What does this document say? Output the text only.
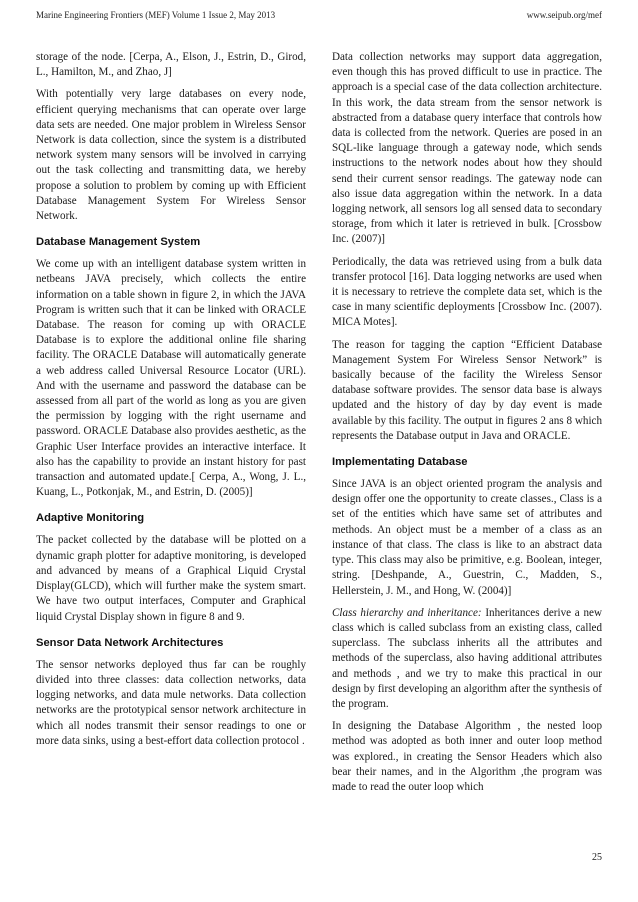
Marine Engineering Frontiers (MEF) Volume 1 Issue 2, May 2013	www.seipub.org/mef

storage of the node. [Cerpa, A., Elson, J., Estrin, D., Girod, L., Hamilton, M., and Zhao, J]

With potentially very large databases on every node, efficient querying mechanisms that can operate over large data sets are needed. One major problem in Wireless Sensor Network is data collection, since the system is a distributed network system many sensors will be involved in carrying out the task collecting and transmitting data, we hereby propose a solution to problem by coming up with Efficient Database Management System For Wireless Sensor Network.

Database Management System

We come up with an intelligent database system written in netbeans JAVA precisely, which collects the entire information on a table shown in figure 2, in which the JAVA Program is written such that it can be linked with ORACLE Database. The reason for coming up with ORACLE Database is to explore the additional online file sharing facility. The ORACLE Database will automatically generate a web address called Universal Resource Locator (URL). And with the username and password the database can be assessed from all part of the world as long as you are given the permission by logging with the right username and password. ORACLE Database also provides aesthetic, as the Graphic User Interface provides an interactive interface. It also has the capability to provide an instant history for past transaction and automated update.[ Cerpa, A., Wong, J. L., Kuang, L., Potkonjak, M., and Estrin, D. (2005)]

Adaptive Monitoring

The packet collected by the database will be plotted on a dynamic graph plotter for adaptive monitoring, is developed and advanced by means of a Graphical Liquid Crystal Display(GLCD), which will further make the system smart. We have two output interfaces, Computer and Graphical liquid Crystal Display shown in figure 8 and 9.

Sensor Data Network Architectures

The sensor networks deployed thus far can be roughly divided into three classes: data collection networks, data logging networks, and data mule networks. Data collection networks are the prototypical sensor network architecture in which all nodes transmit their sensor readings to one or more data sinks, using a best-effort data collection protocol .

Data collection networks may support data aggregation, even though this has proved difficult to use in practice. The approach is a special case of the data collection architecture. In this work, the data stream from the sensor network is abstracted from a database query interface that controls how data is collected from the network. Queries are posed in an SQL-like language through a gateway node, which sends instructions to the network nodes about how they should send their current sensor readings. The gateway node can also issue data aggregation within the network. In a data logging network, all sensors log all sensed data to secondary storage, from which it later is retrieved in bulk. [Crossbow Inc. (2007)]

Periodically, the data was retrieved using from a bulk data transfer protocol [16]. Data logging networks are used when it is necessary to retrieve the complete data set, which is the case in many scientific deployments [Crossbow Inc. (2007). MICA Motes].

The reason for tagging the caption “Efficient Database Management System For Wireless Sensor Network” is basically because of the facility the Wireless Sensor database software provides. The sensor data base is always updated and the history of day by day event is made available by this facility. The output in figures 2 ans 8 which represents the Database output in Java and ORACLE.

Implementating Database

Since JAVA is an object oriented program the analysis and design offer one the opportunity to create classes., Class is a set of the entities which have same set of attributes and methods. An object must be a member of a class as an instance of that class. The class is like to an abstract data type. This class may also be primitive, e.g. Boolean, integer, string. [Deshpande, A., Guestrin, C., Madden, S., Hellerstein, J. M., and Hong, W. (2004)]

Class hierarchy and inheritance: Inheritances derive a new class which is called subclass from an existing class, called superclass. The subclass inherits all the attributes and methods of the superclass, also having additional attributes and methods , and we try to make this practical in our design by first developing an algorithm after the synthesis of the program.

In designing the Database Algorithm , the nested loop method was adopted as both inner and outer loop method was explored., in creating the Sensor Headers which also bear their names, and in the Algorithm ,the program was made to read the outer loop which

25
